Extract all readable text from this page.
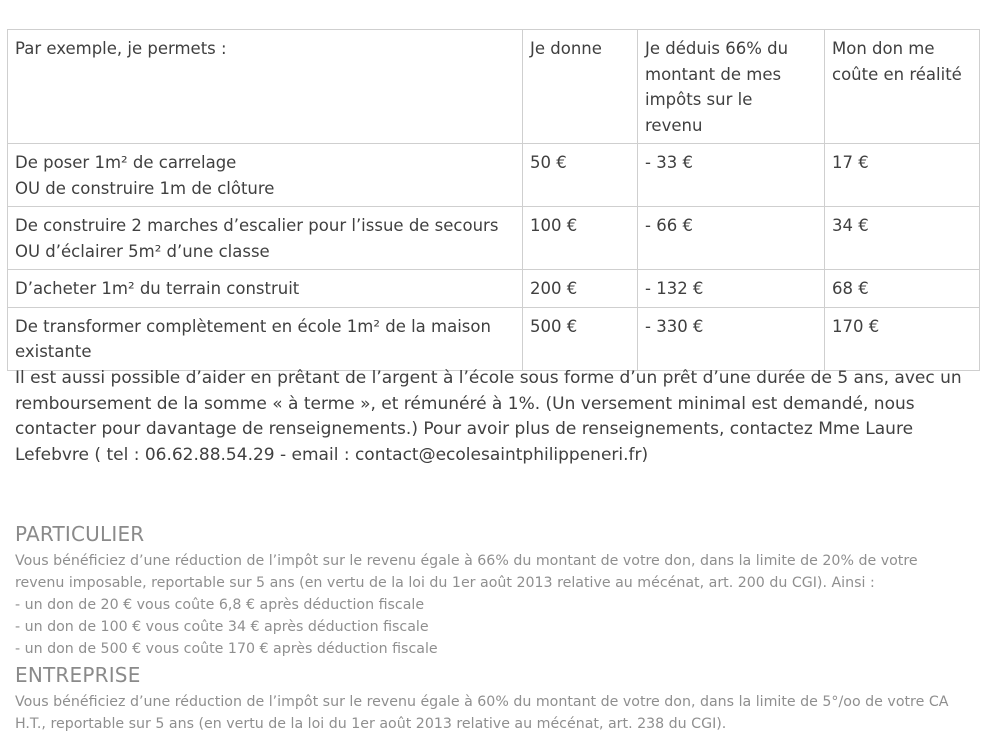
Par exemple, je permets :	Je donne	Je déduis 66% du
montant de mes
impôts sur le
revenu	Mon don me
coûte en réalité

De poser 1m² de carrelage
OU de construire 1m de clôture	50 €	- 33 €	17 €

De construire 2 marches d’escalier pour l’issue de secours
OU d’éclairer 5m² d’une classe	100 €	- 66 €	34 €

D’acheter 1m² du terrain construit	200 €	- 132 €	68 €

De transformer complètement en école 1m² de la maison
existante	500 €	- 330 €	170 €
Il est aussi possible d’aider en prêtant de l’argent à l’école sous forme d’un prêt d’une durée de 5 ans, avec un
remboursement de la somme « à terme », et rémunéré à 1%. (Un versement minimal est demandé, nous
contacter pour davantage de renseignements.) Pour avoir plus de renseignements, contactez Mme Laure
Lefebvre ( tel : 06.62.88.54.29 - email : contact@ecolesaintphilippeneri.fr)
PARTICULIER
Vous bénéficiez d’une réduction de l’impôt sur le revenu égale à 66% du montant de votre don, dans la limite de 20% de votre
revenu imposable, reportable sur 5 ans (en vertu de la loi du 1er août 2013 relative au mécénat, art. 200 du CGI). Ainsi :
- un don de 20 € vous coûte 6,8 € après déduction fiscale
- un don de 100 € vous coûte 34 € après déduction fiscale
- un don de 500 € vous coûte 170 € après déduction fiscale
ENTREPRISE
Vous bénéficiez d’une réduction de l’impôt sur le revenu égale à 60% du montant de votre don, dans la limite de 5°/oo de votre CA
H.T., reportable sur 5 ans (en vertu de la loi du 1er août 2013 relative au mécénat, art. 238 du CGI).
